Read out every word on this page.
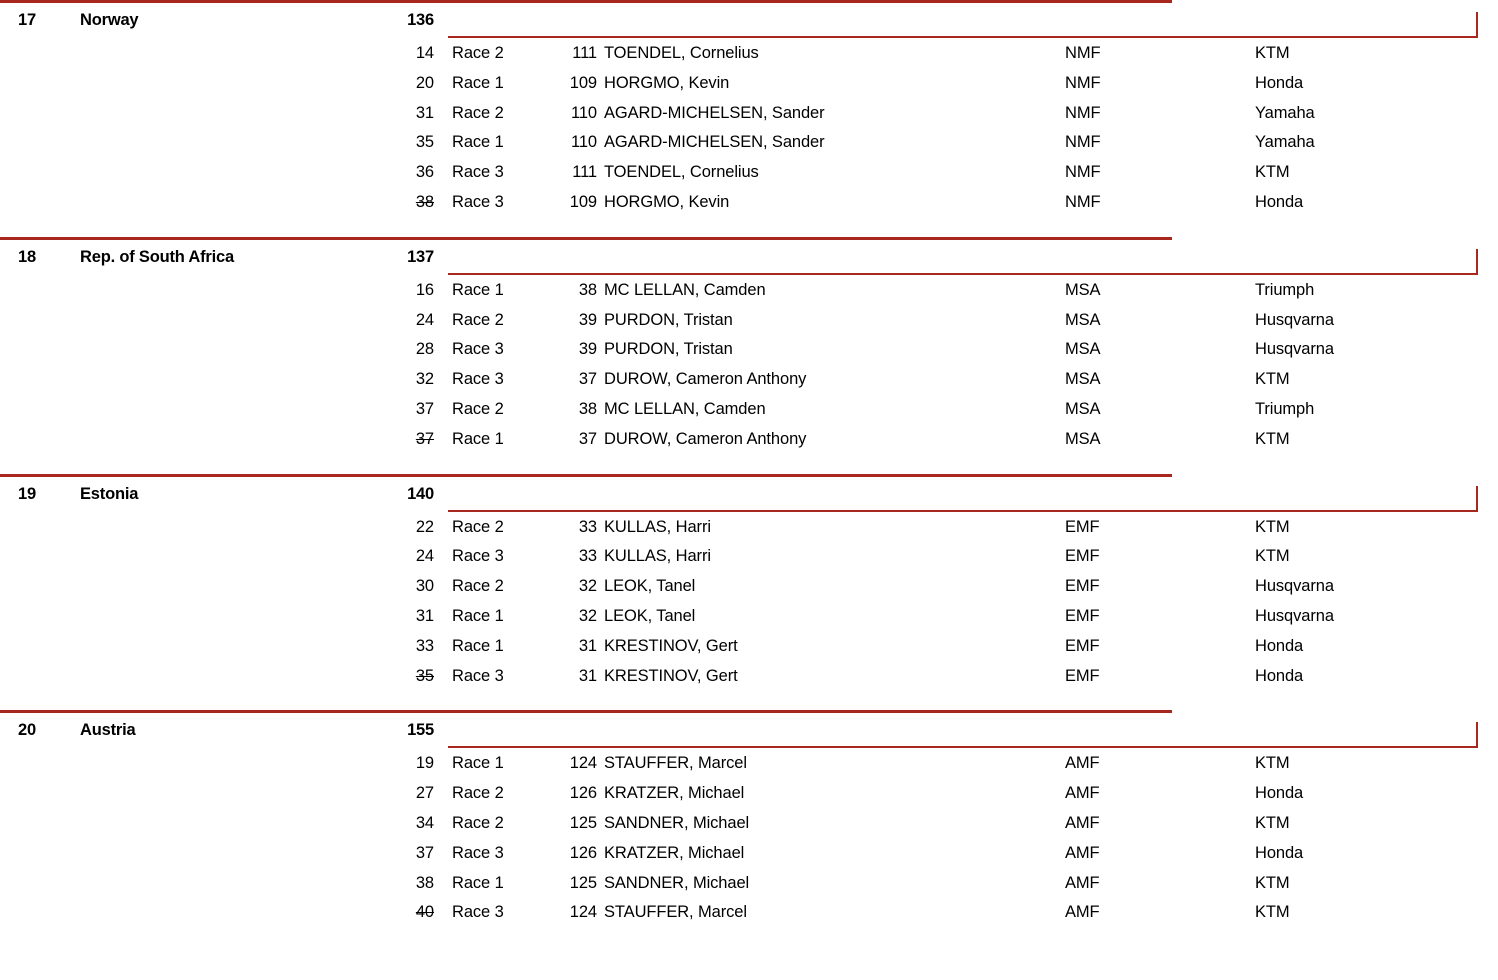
17	Norway	136
14 Race 2	111 TOENDEL, Cornelius	NMF	KTM
20 Race 1	109 HORGMO, Kevin	NMF	Honda
31 Race 2	110 AGARD-MICHELSEN, Sander	NMF	Yamaha
35 Race 1	110 AGARD-MICHELSEN, Sander	NMF	Yamaha
36 Race 3	111 TOENDEL, Cornelius	NMF	KTM
38 Race 3	109 HORGMO, Kevin	NMF	Honda
18	Rep. of South Africa	137
16 Race 1	38 MC LELLAN, Camden	MSA	Triumph
24 Race 2	39 PURDON, Tristan	MSA	Husqvarna
28 Race 3	39 PURDON, Tristan	MSA	Husqvarna
32 Race 3	37 DUROW, Cameron Anthony	MSA	KTM
37 Race 2	38 MC LELLAN, Camden	MSA	Triumph
37 Race 1	37 DUROW, Cameron Anthony	MSA	KTM
19	Estonia	140
22 Race 2	33 KULLAS, Harri	EMF	KTM
24 Race 3	33 KULLAS, Harri	EMF	KTM
30 Race 2	32 LEOK, Tanel	EMF	Husqvarna
31 Race 1	32 LEOK, Tanel	EMF	Husqvarna
33 Race 1	31 KRESTINOV, Gert	EMF	Honda
35 Race 3	31 KRESTINOV, Gert	EMF	Honda
20	Austria	155
19 Race 1	124 STAUFFER, Marcel	AMF	KTM
27 Race 2	126 KRATZER, Michael	AMF	Honda
34 Race 2	125 SANDNER, Michael	AMF	KTM
37 Race 3	126 KRATZER, Michael	AMF	Honda
38 Race 1	125 SANDNER, Michael	AMF	KTM
40 Race 3	124 STAUFFER, Marcel	AMF	KTM
